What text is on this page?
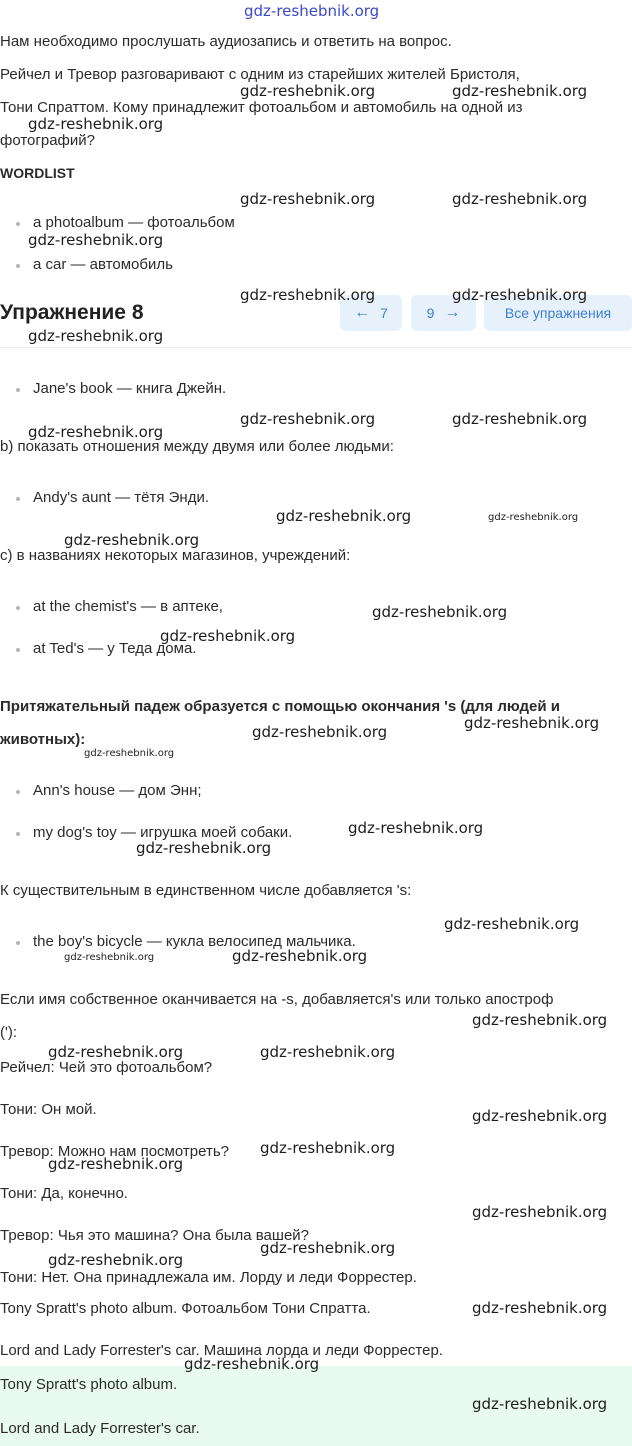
gdz-reshebnik.org
Нам необходимо прослушать аудиозапись и ответить на вопрос.
Рейчел и Тревор разговаривают с одним из старейших жителей Бристоля,
Тони Спраттом. Кому принадлежит фотоальбом и автомобиль на одной из
фотографий?
WORDLIST
a photoalbum — фотоальбом
a car — автомобиль
Упражнение 8	← 7	9 →	Все упражнения
Jane's book — книга Джейн.
b) показать отношения между двумя или более людьми:
Andy's aunt — тётя Энди.
c) в названиях некоторых магазинов, учреждений:
at the chemist's — в аптеке,
at Ted's — у Теда дома.
Притяжательный падеж образуется с помощью окончания 's (для людей и
животных):
Ann's house — дом Энн;
my dog's toy — игрушка моей собаки.
К существительным в единственном числе добавляется 's:
the boy's bicycle — кукла велосипед мальчика.
Если имя собственное оканчивается на -s, добавляется's или только апостроф
('):
Рейчел: Чей это фотоальбом?
Тони: Он мой.
Тревор: Можно нам посмотреть?
Тони: Да, конечно.
Тревор: Чья это машина? Она была вашей?
Тони: Нет. Она принадлежала им. Лорду и леди Форрестер.
Tony Spratt's photo album. Фотоальбом Тони Спратта.
Lord and Lady Forrester's car. Машина лорда и леди Форрестер.
Tony Spratt's photo album.
Lord and Lady Forrester's car.
gdz-reshebnik.org	gdz-reshebnik.org
gdz-reshebnik.org
gdz-reshebnik.org	gdz-reshebnik.org
gdz-reshebnik.org
gdz-reshebnik.org	gdz-reshebnik.org
gdz-reshebnik.org
gdz-reshebnik.org	gdz-reshebnik.org
gdz-reshebnik.org
gdz-reshebnik.org	gdz-reshebnik.org
gdz-reshebnik.org
gdz-reshebnik.org
gdz-reshebnik.org
gdz-reshebnik.org
gdz-reshebnik.org
gdz-reshebnik.org
gdz-reshebnik.org
gdz-reshebnik.org
gdz-reshebnik.org
gdz-reshebnik.org
gdz-reshebnik.org
gdz-reshebnik.org
gdz-reshebnik.org	gdz-reshebnik.org
gdz-reshebnik.org
gdz-reshebnik.org
gdz-reshebnik.org
gdz-reshebnik.org
gdz-reshebnik.org
gdz-reshebnik.org
gdz-reshebnik.org
gdz-reshebnik.org
gdz-reshebnik.org
